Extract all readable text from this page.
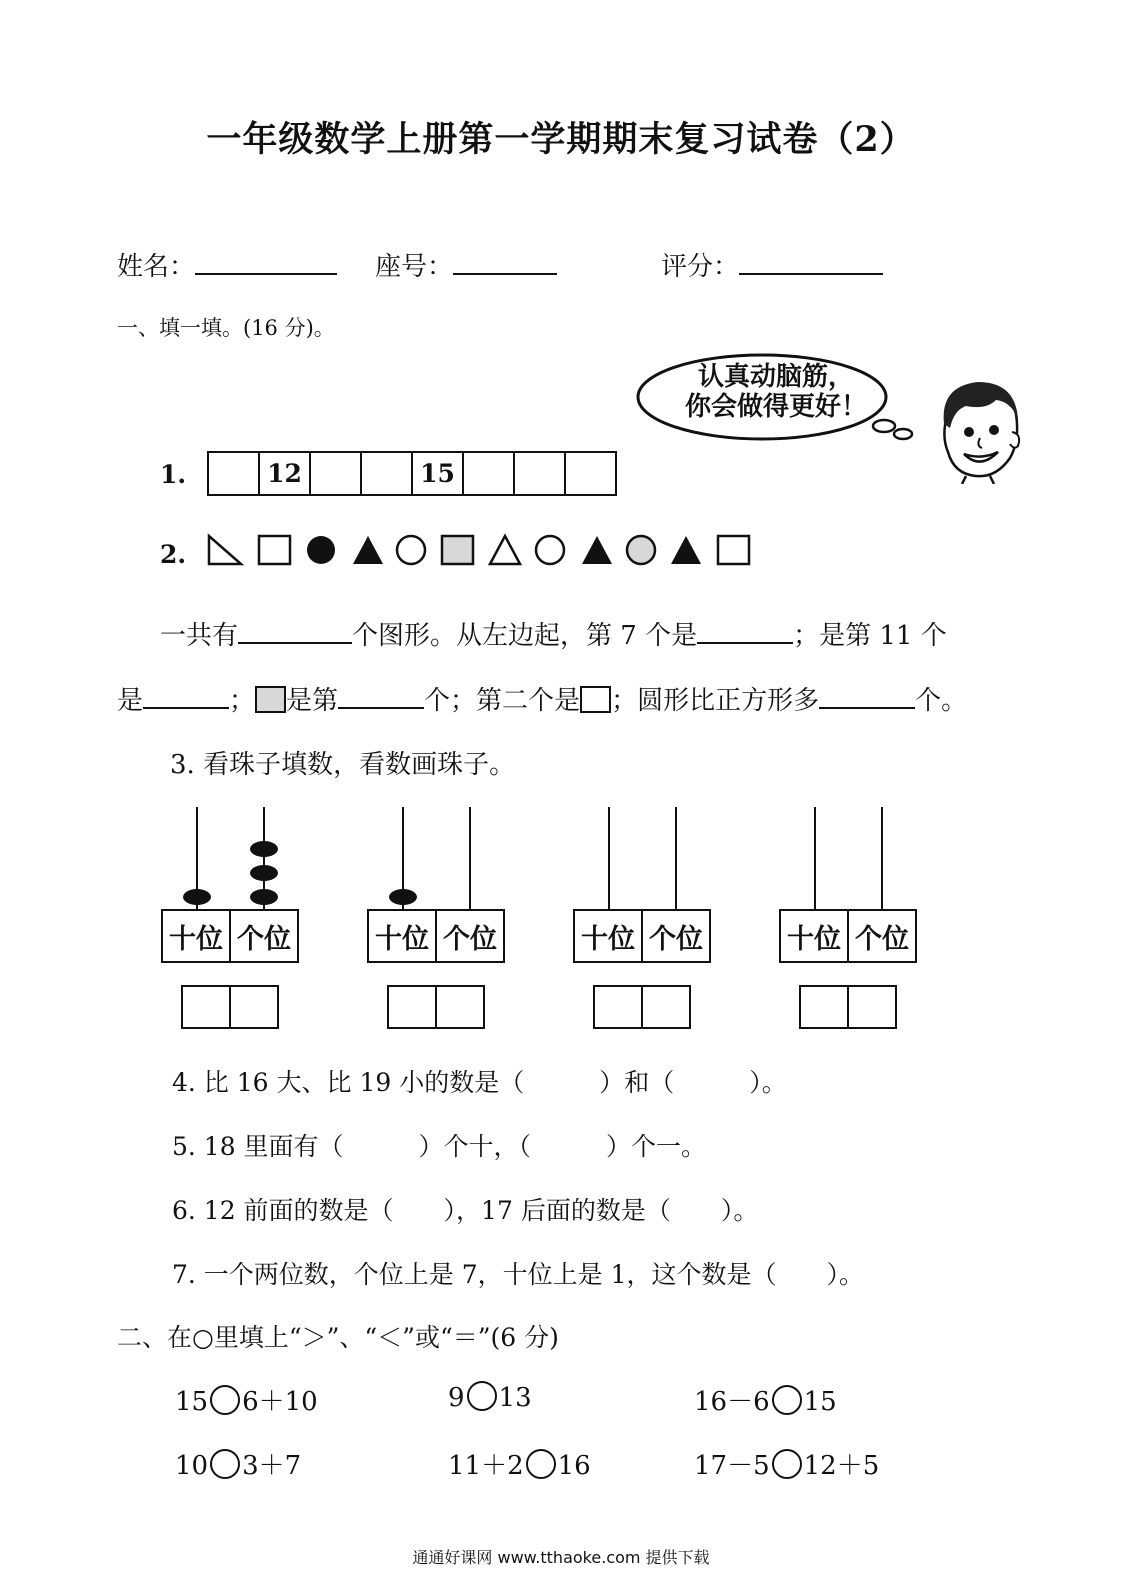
一年级数学上册第一学期期末复习试卷（2）
姓名：	座号：	评分：
一、填一填。(16 分)。
认真动脑筋，
你会做得更好！
1.	12	15
2.
一共有	个图形。从左边起，第 7 个是	；是第 11 个
是	； 是第	个；第二个是 ；圆形比正方形多	个。
3. 看珠子填数，看数画珠子。
十位 个位	十位 个位	十位 个位	十位 个位
4. 比 16 大、比 19 小的数是（　　　）和（　　　）。
5. 18 里面有（　　　）个十，（　　　）个一。
6. 12 前面的数是（　　），17 后面的数是（　　）。
7. 一个两位数，个位上是 7，十位上是 1，这个数是（　　）。
二、在○里填上“＞”、“＜”或“＝”(6 分)
15 6＋10	9 13	16－6 15
10 3＋7	11＋2 16	17－5 12＋5
通通好课网 www.tthaoke.com 提供下载
